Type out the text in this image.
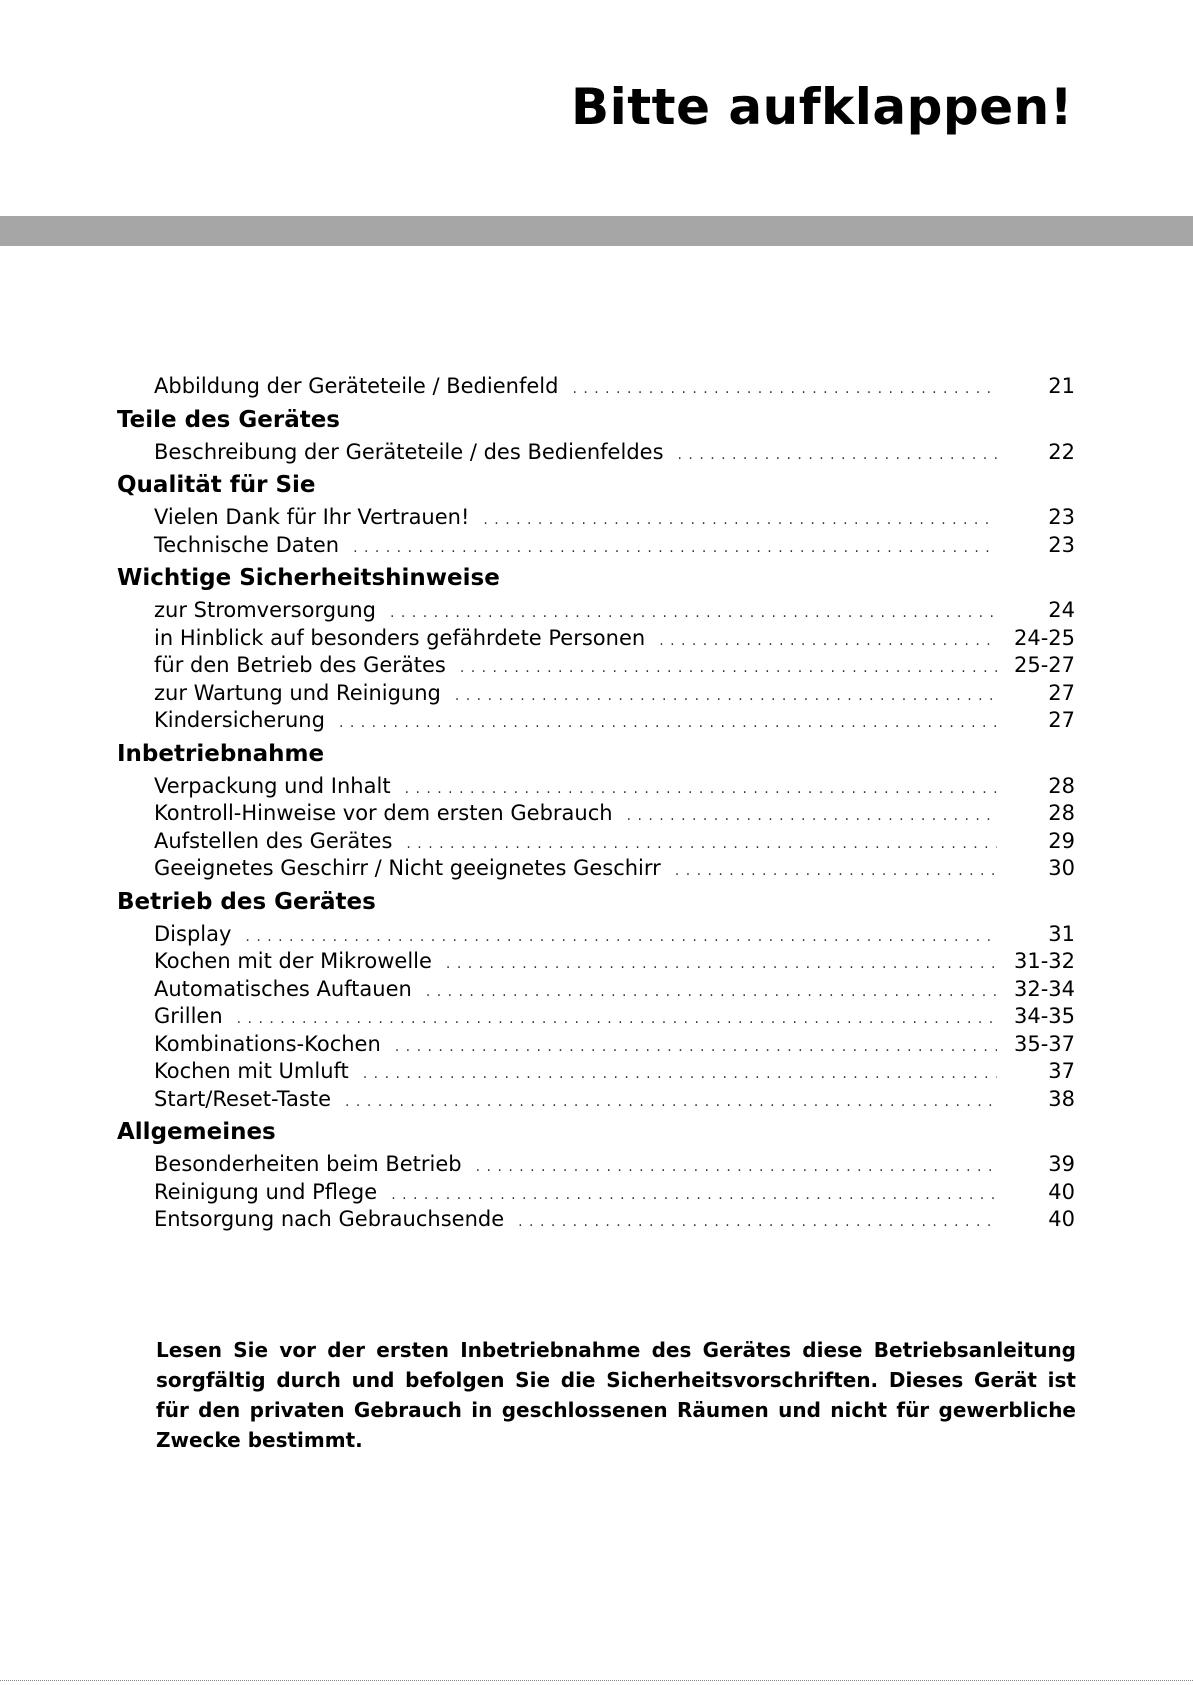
Bitte aufklappen!
Abbildung der Geräteteile / Bedienfeld . . .	21
Teile des Gerätes
Beschreibung der Geräteteile / des Bedienfeldes . . .	22
Qualität für Sie
Vielen Dank für Ihr Vertrauen! . . .	23
Technische Daten . . .	23
Wichtige Sicherheitshinweise
zur Stromversorgung . . .	24
in Hinblick auf besonders gefährdete Personen . . .	24-25
für den Betrieb des Gerätes . . .	25-27
zur Wartung und Reinigung . . .	27
Kindersicherung . . .	27
Inbetriebnahme
Verpackung und Inhalt . . .	28
Kontroll-Hinweise vor dem ersten Gebrauch . . .	28
Aufstellen des Gerätes . . .	29
Geeignetes Geschirr / Nicht geeignetes Geschirr . . .	30
Betrieb des Gerätes
Display . . .	31
Kochen mit der Mikrowelle . . .	31-32
Automatisches Auftauen . . .	32-34
Grillen . . .	34-35
Kombinations-Kochen . . .	35-37
Kochen mit Umluft . . .	37
Start/Reset-Taste . . .	38
Allgemeines
Besonderheiten beim Betrieb . . .	39
Reinigung und Pflege . . .	40
Entsorgung nach Gebrauchsende . . .	40
Lesen Sie vor der ersten Inbetriebnahme des Gerätes diese Betriebsanleitung sorgfältig durch und befolgen Sie die Sicherheitsvorschriften. Dieses Gerät ist für den privaten Gebrauch in geschlossenen Räumen und nicht für gewerbliche Zwecke bestimmt.
